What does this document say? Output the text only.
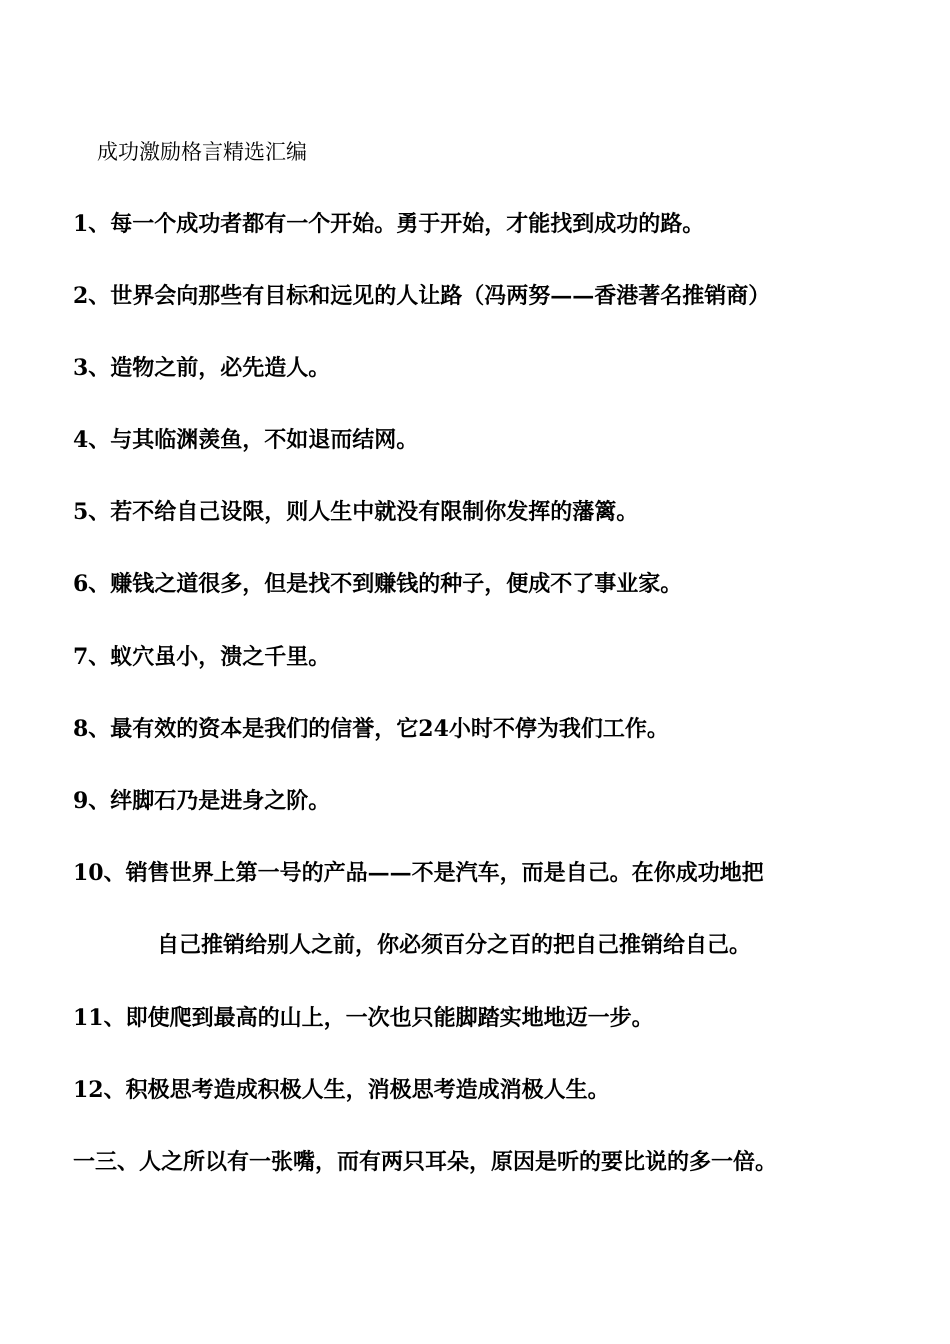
成功激励格言精选汇编
1、每一个成功者都有一个开始。勇于开始，才能找到成功的路。
2、世界会向那些有目标和远见的人让路（冯两努——香港著名推销商）
3、造物之前，必先造人。
4、与其临渊羡鱼，不如退而结网。
5、若不给自己设限，则人生中就没有限制你发挥的藩篱。
6、赚钱之道很多，但是找不到赚钱的种子，便成不了事业家。
7、蚁穴虽小，溃之千里。
8、最有效的资本是我们的信誉，它24小时不停为我们工作。
9、绊脚石乃是进身之阶。
10、销售世界上第一号的产品——不是汽车，而是自己。在你成功地把
自己推销给别人之前，你必须百分之百的把自己推销给自己。
11、即使爬到最高的山上，一次也只能脚踏实地地迈一步。
12、积极思考造成积极人生，消极思考造成消极人生。
一三、人之所以有一张嘴，而有两只耳朵，原因是听的要比说的多一倍。
